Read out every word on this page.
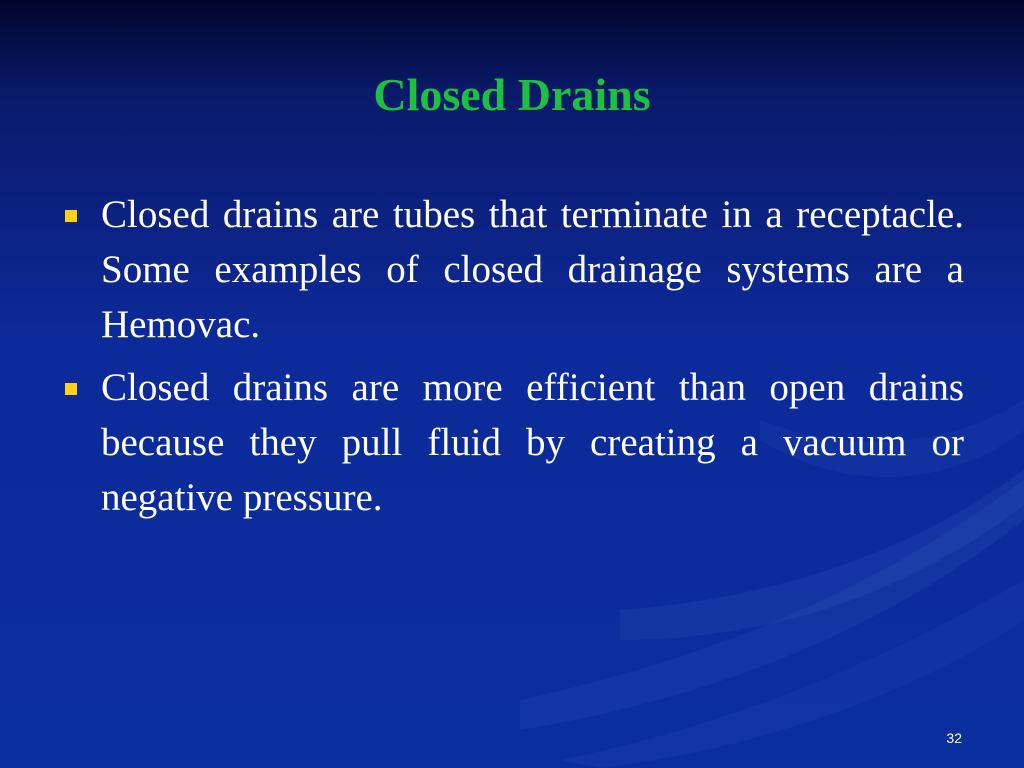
Closed Drains
Closed drains are tubes that terminate in a receptacle. Some examples of closed drainage systems are a Hemovac.
Closed drains are more efficient than open drains because they pull fluid by creating a vacuum or negative pressure.
32
